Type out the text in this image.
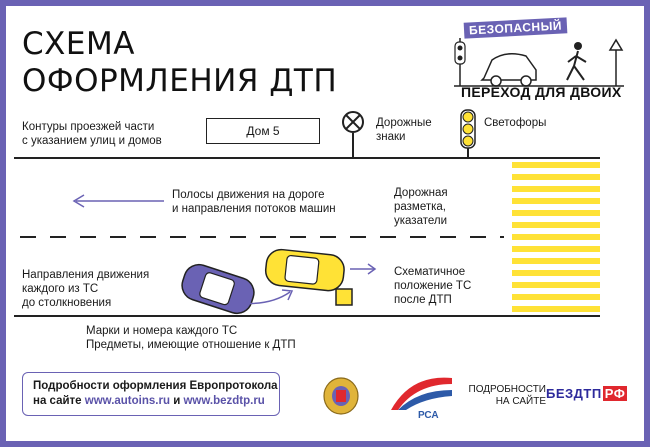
СХЕМА
ОФОРМЛЕНИЯ ДТП
РСА
БЕЗОПАСНЫЙ
ПЕРЕХОД ДЛЯ ДВОИХ
Контуры проезжей части
с указанием улиц и домов
Дом 5
Дорожные
знаки
Светофоры
Полосы движения на дороге
и направления потоков машин
Дорожная
разметка,
указатели
Направления движения
каждого из ТС
до столкновения
Схематичное
положение ТС
после ДТП
Марки и номера каждого ТС
Предметы, имеющие отношение к ДТП
Подробности оформления Европротокола
на сайте www.autoins.ru и www.bezdtp.ru
ПОДРОБНОСТИ
НА САЙТЕ
БЕЗДТП РФ
